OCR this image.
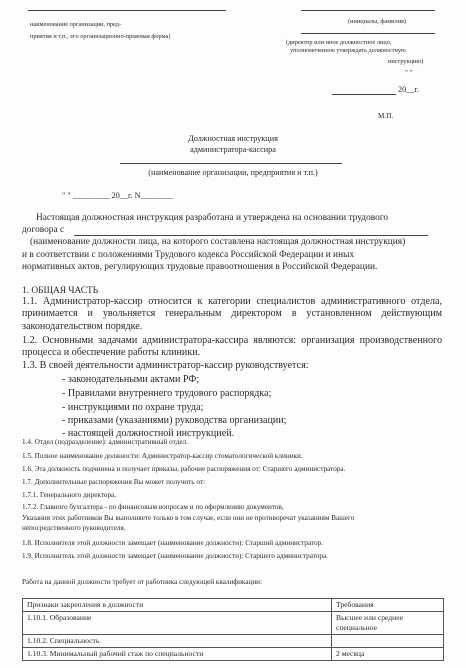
наименование организации, пред-	(инициалы, фамилия)
приятия и т.п., его организационно-правовая форма)
(директор или иное должностное лицо,
уполномоченное утверждать должностную
инструкцию)
" "
20__г.
М.П.
Должностная инструкция
администратора-кассира
(наименование организации, предприятия и т.п.)
" " _________ 20__г. N________
Настоящая должностная инструкция разработана и утверждена на основании трудового
договора с
(наименование должности лица, на которого составлена настоящая должностная инструкция)
и в соответствии с положениями Трудового кодекса Российской Федерации и иных
нормативных актов, регулирующих трудовые правоотношения в Российской Федерации.
1. ОБЩАЯ ЧАСТЬ
1.1. Администратор-кассир относится к категории специалистов административного отдела, принимается и увольняется генеральным директором в установленном действующим законодательством порядке.
1.2. Основными задачами администратора-кассира являются: организация производственного процесса и обеспечение работы клиники.
1.3. В своей деятельности администратор-кассир руководствуется:
- законодательными актами РФ;
- Правилами внутреннего трудового распорядка;
- инструкциями по охране труда;
- приказами (указаниями) руководства организации;
- настоящей должностной инструкцией.
1.4. Отдел (подразделение): административный отдел.
1.5. Полное наименование должности: Администратор-кассир стоматологической клиники.
1.6. Эта должность подчинена и получает приказы, рабочие распоряжения от: Старшего администратора.
1.7. Дополнительные распоряжения Вы может получить от:
1.7.1. Генерального директора,
1.7.2. Главного бухгалтера - по финансовым вопросам и по оформлению документов,
Указания этих работников Вы выполняете только в том случае, если они не противоречат указаниям Вашего
непосредственного руководителя.
1.8. Исполнителя этой должности замещает (наименование должности): Старший администратор.
1.9. Исполнитель этой должности замещает (наименование должности): Старшего администратора.
Работа на данной должности требует от работника следующей квалификации:
Признаки закрепления в должности	Требования
1.10.1. Образование	Высшее или среднее специальное
1.10.2. Специальность	
1.10.3. Минимальный рабочий стаж по специальности	2 месяца
